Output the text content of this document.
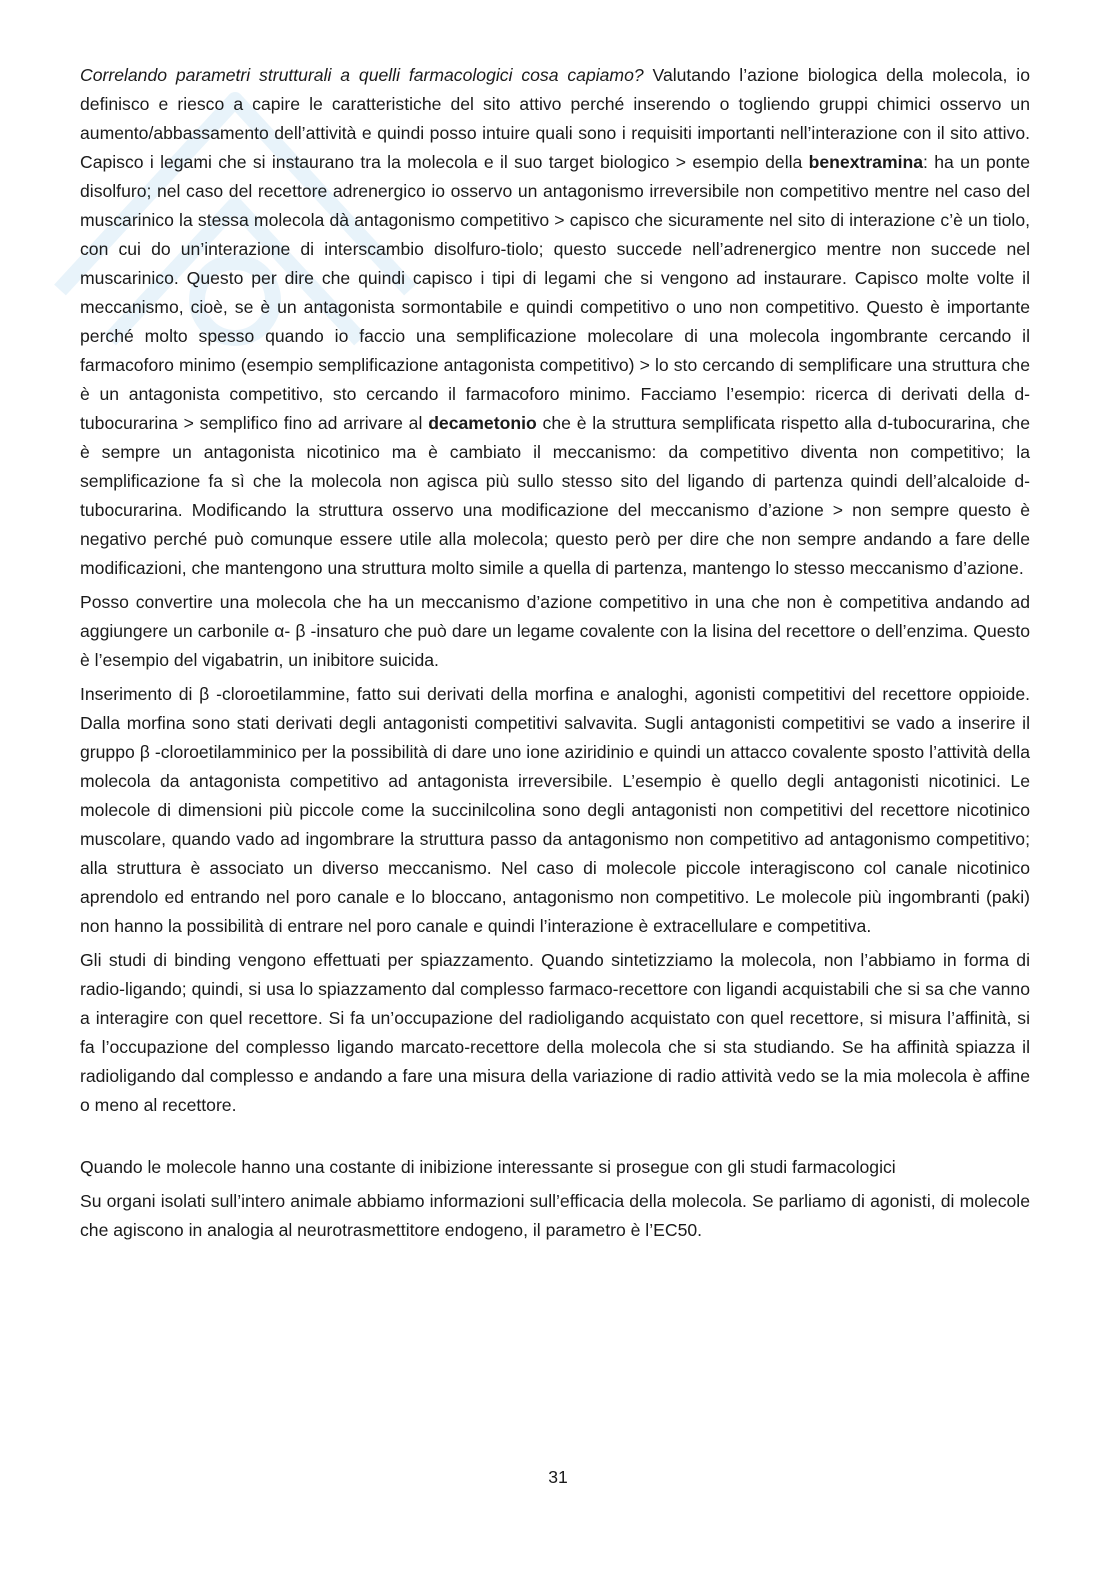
Correlando parametri strutturali a quelli farmacologici cosa capiamo? Valutando l’azione biologica della molecola, io definisco e riesco a capire le caratteristiche del sito attivo perché inserendo o togliendo gruppi chimici osservo un aumento/abbassamento dell’attività e quindi posso intuire quali sono i requisiti importanti nell’interazione con il sito attivo. Capisco i legami che si instaurano tra la molecola e il suo target biologico > esempio della benextramina: ha un ponte disolfuro; nel caso del recettore adrenergico io osservo un antagonismo irreversibile non competitivo mentre nel caso del muscarinico la stessa molecola dà antagonismo competitivo > capisco che sicuramente nel sito di interazione c’è un tiolo, con cui do un’interazione di interscambio disolfuro-tiolo; questo succede nell’adrenergico mentre non succede nel muscarinico. Questo per dire che quindi capisco i tipi di legami che si vengono ad instaurare. Capisco molte volte il meccanismo, cioè, se è un antagonista sormontabile e quindi competitivo o uno non competitivo. Questo è importante perché molto spesso quando io faccio una semplificazione molecolare di una molecola ingombrante cercando il farmacoforo minimo (esempio semplificazione antagonista competitivo) > lo sto cercando di semplificare una struttura che è un antagonista competitivo, sto cercando il farmacoforo minimo. Facciamo l’esempio: ricerca di derivati della d-tubocurarina > semplifico fino ad arrivare al decametonio che è la struttura semplificata rispetto alla d-tubocurarina, che è sempre un antagonista nicotinico ma è cambiato il meccanismo: da competitivo diventa non competitivo; la semplificazione fa sì che la molecola non agisca più sullo stesso sito del ligando di partenza quindi dell’alcaloide d-tubocurarina. Modificando la struttura osservo una modificazione del meccanismo d’azione > non sempre questo è negativo perché può comunque essere utile alla molecola; questo però per dire che non sempre andando a fare delle modificazioni, che mantengono una struttura molto simile a quella di partenza, mantengo lo stesso meccanismo d’azione.

Posso convertire una molecola che ha un meccanismo d’azione competitivo in una che non è competitiva andando ad aggiungere un carbonile α- β -insaturo che può dare un legame covalente con la lisina del recettore o dell’enzima. Questo è l’esempio del vigabatrin, un inibitore suicida.

Inserimento di β -cloroetilammine, fatto sui derivati della morfina e analoghi, agonisti competitivi del recettore oppioide. Dalla morfina sono stati derivati degli antagonisti competitivi salvavita. Sugli antagonisti competitivi se vado a inserire il gruppo β -cloroetilamminico per la possibilità di dare uno ione aziridinio e quindi un attacco covalente sposto l’attività della molecola da antagonista competitivo ad antagonista irreversibile. L’esempio è quello degli antagonisti nicotinici. Le molecole di dimensioni più piccole come la succinilcolina sono degli antagonisti non competitivi del recettore nicotinico muscolare, quando vado ad ingombrare la struttura passo da antagonismo non competitivo ad antagonismo competitivo; alla struttura è associato un diverso meccanismo. Nel caso di molecole piccole interagiscono col canale nicotinico aprendolo ed entrando nel poro canale e lo bloccano, antagonismo non competitivo. Le molecole più ingombranti (paki) non hanno la possibilità di entrare nel poro canale e quindi l’interazione è extracellulare e competitiva.

Gli studi di binding vengono effettuati per spiazzamento. Quando sintetizziamo la molecola, non l’abbiamo in forma di radio-ligando; quindi, si usa lo spiazzamento dal complesso farmaco-recettore con ligandi acquistabili che si sa che vanno a interagire con quel recettore. Si fa un’occupazione del radioligando acquistato con quel recettore, si misura l’affinità, si fa l’occupazione del complesso ligando marcato-recettore della molecola che si sta studiando. Se ha affinità spiazza il radioligando dal complesso e andando a fare una misura della variazione di radio attività vedo se la mia molecola è affine o meno al recettore.

Quando le molecole hanno una costante di inibizione interessante si prosegue con gli studi farmacologici

Su organi isolati sull’intero animale abbiamo informazioni sull’efficacia della molecola. Se parliamo di agonisti, di molecole che agiscono in analogia al neurotrasmettitore endogeno, il parametro è l’EC50.

31
